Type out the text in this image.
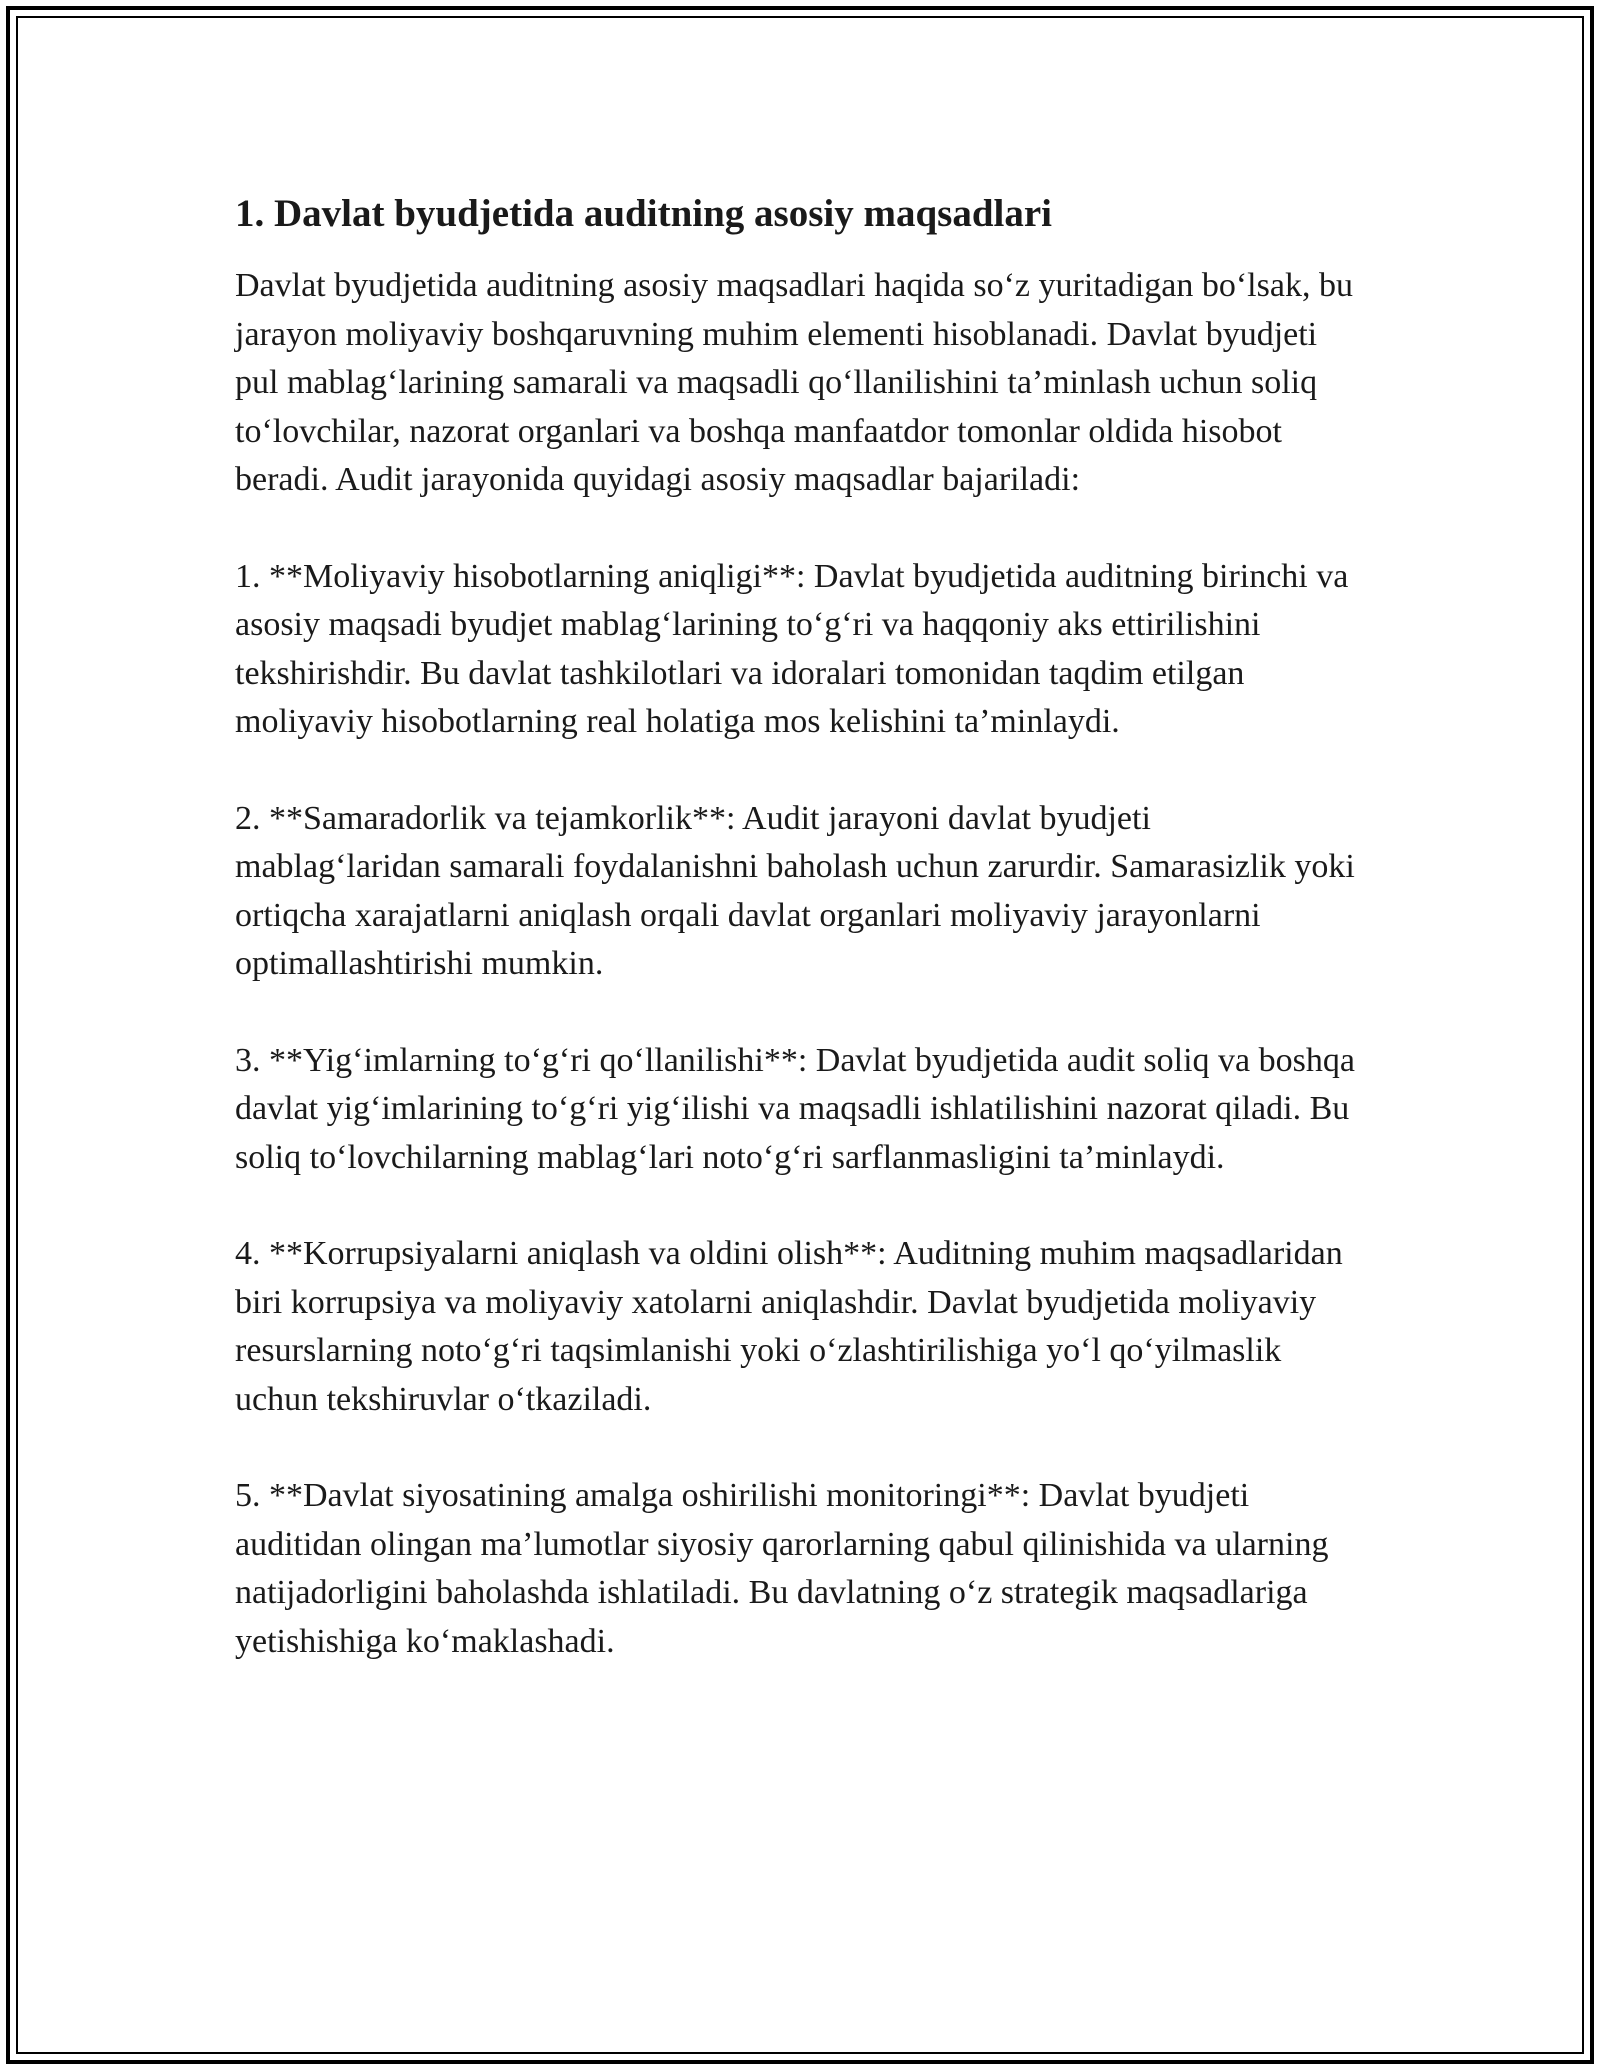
1. Davlat byudjetida auditning asosiy maqsadlari

Davlat byudjetida auditning asosiy maqsadlari haqida so‘z yuritadigan bo‘lsak, bu jarayon moliyaviy boshqaruvning muhim elementi hisoblanadi. Davlat byudjeti pul mablag‘larining samarali va maqsadli qo‘llanilishini ta’minlash uchun soliq to‘lovchilar, nazorat organlari va boshqa manfaatdor tomonlar oldida hisobot beradi. Audit jarayonida quyidagi asosiy maqsadlar bajariladi:

1. **Moliyaviy hisobotlarning aniqligi**: Davlat byudjetida auditning birinchi va asosiy maqsadi byudjet mablag‘larining to‘g‘ri va haqqoniy aks ettirilishini tekshirishdir. Bu davlat tashkilotlari va idoralari tomonidan taqdim etilgan moliyaviy hisobotlarning real holatiga mos kelishini ta’minlaydi.

2. **Samaradorlik va tejamkorlik**: Audit jarayoni davlat byudjeti mablag‘laridan samarali foydalanishni baholash uchun zarurdir. Samarasizlik yoki ortiqcha xarajatlarni aniqlash orqali davlat organlari moliyaviy jarayonlarni optimallashtirishi mumkin.

3. **Yig‘imlarning to‘g‘ri qo‘llanilishi**: Davlat byudjetida audit soliq va boshqa davlat yig‘imlarining to‘g‘ri yig‘ilishi va maqsadli ishlatilishini nazorat qiladi. Bu soliq to‘lovchilarning mablag‘lari noto‘g‘ri sarflanmasligini ta’minlaydi.

4. **Korrupsiyalarni aniqlash va oldini olish**: Auditning muhim maqsadlaridan biri korrupsiya va moliyaviy xatolarni aniqlashdir. Davlat byudjetida moliyaviy resurslarning noto‘g‘ri taqsimlanishi yoki o‘zlashtirilishiga yo‘l qo‘yilmaslik uchun tekshiruvlar o‘tkaziladi.

5. **Davlat siyosatining amalga oshirilishi monitoringi**: Davlat byudjeti auditidan olingan ma’lumotlar siyosiy qarorlarning qabul qilinishida va ularning natijadorligini baholashda ishlatiladi. Bu davlatning o‘z strategik maqsadlariga yetishishiga ko‘maklashadi.
